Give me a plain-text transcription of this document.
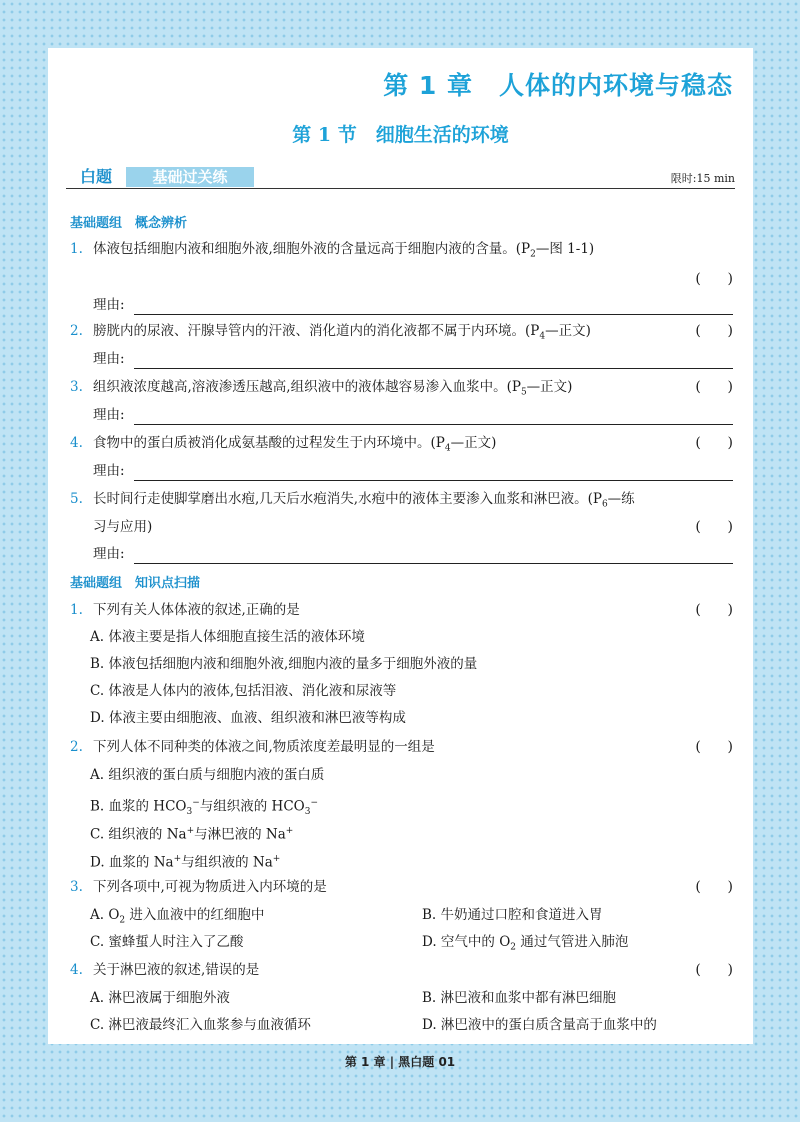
第 1 章　人体的内环境与稳态
第 1 节　细胞生活的环境
白题	基础过关练	限时:15 min
基础题组　概念辨析
1. 体液包括细胞内液和细胞外液,细胞外液的含量远高于细胞内液的含量。($P_2—$图 1-1)
(      )
理由:
2. 膀胱内的尿液、汗腺导管内的汗液、消化道内的消化液都不属于内环境。($P_4—$正文)	(      )
理由:
3. 组织液浓度越高,溶液渗透压越高,组织液中的液体越容易渗入血浆中。($P_5—$正文)	(      )
理由:
4. 食物中的蛋白质被消化成氨基酸的过程发生于内环境中。($P_4—$正文)	(      )
理由:
5. 长时间行走使脚掌磨出水疱,几天后水疱消失,水疱中的液体主要渗入血浆和淋巴液。($P_6—$练
习与应用)	(      )
理由:
基础题组　知识点扫描
1. 下列有关人体体液的叙述,正确的是	(      )
A. 体液主要是指人体细胞直接生活的液体环境
B. 体液包括细胞内液和细胞外液,细胞内液的量多于细胞外液的量
C. 体液是人体内的液体,包括泪液、消化液和尿液等
D. 体液主要由细胞液、血液、组织液和淋巴液等构成
2. 下列人体不同种类的体液之间,物质浓度差最明显的一组是	(      )
A. 组织液的蛋白质与细胞内液的蛋白质
B. 血浆的 $HCO_3^-$与组织液的 $HCO_3^-$
C. 组织液的 Na+与淋巴液的 Na+
D. 血浆的 Na+与组织液的 Na+
3. 下列各项中,可视为物质进入内环境的是	(      )
A. $O_2$ 进入血液中的红细胞中	B. 牛奶通过口腔和食道进入胃
C. 蜜蜂蜇人时注入了乙酸	D. 空气中的 $O_2$ 通过气管进入肺泡
4. 关于淋巴液的叙述,错误的是	(      )
A. 淋巴液属于细胞外液	B. 淋巴液和血浆中都有淋巴细胞
C. 淋巴液最终汇入血浆参与血液循环	D. 淋巴液中的蛋白质含量高于血浆中的
第 1 章 | 黑白题 01
